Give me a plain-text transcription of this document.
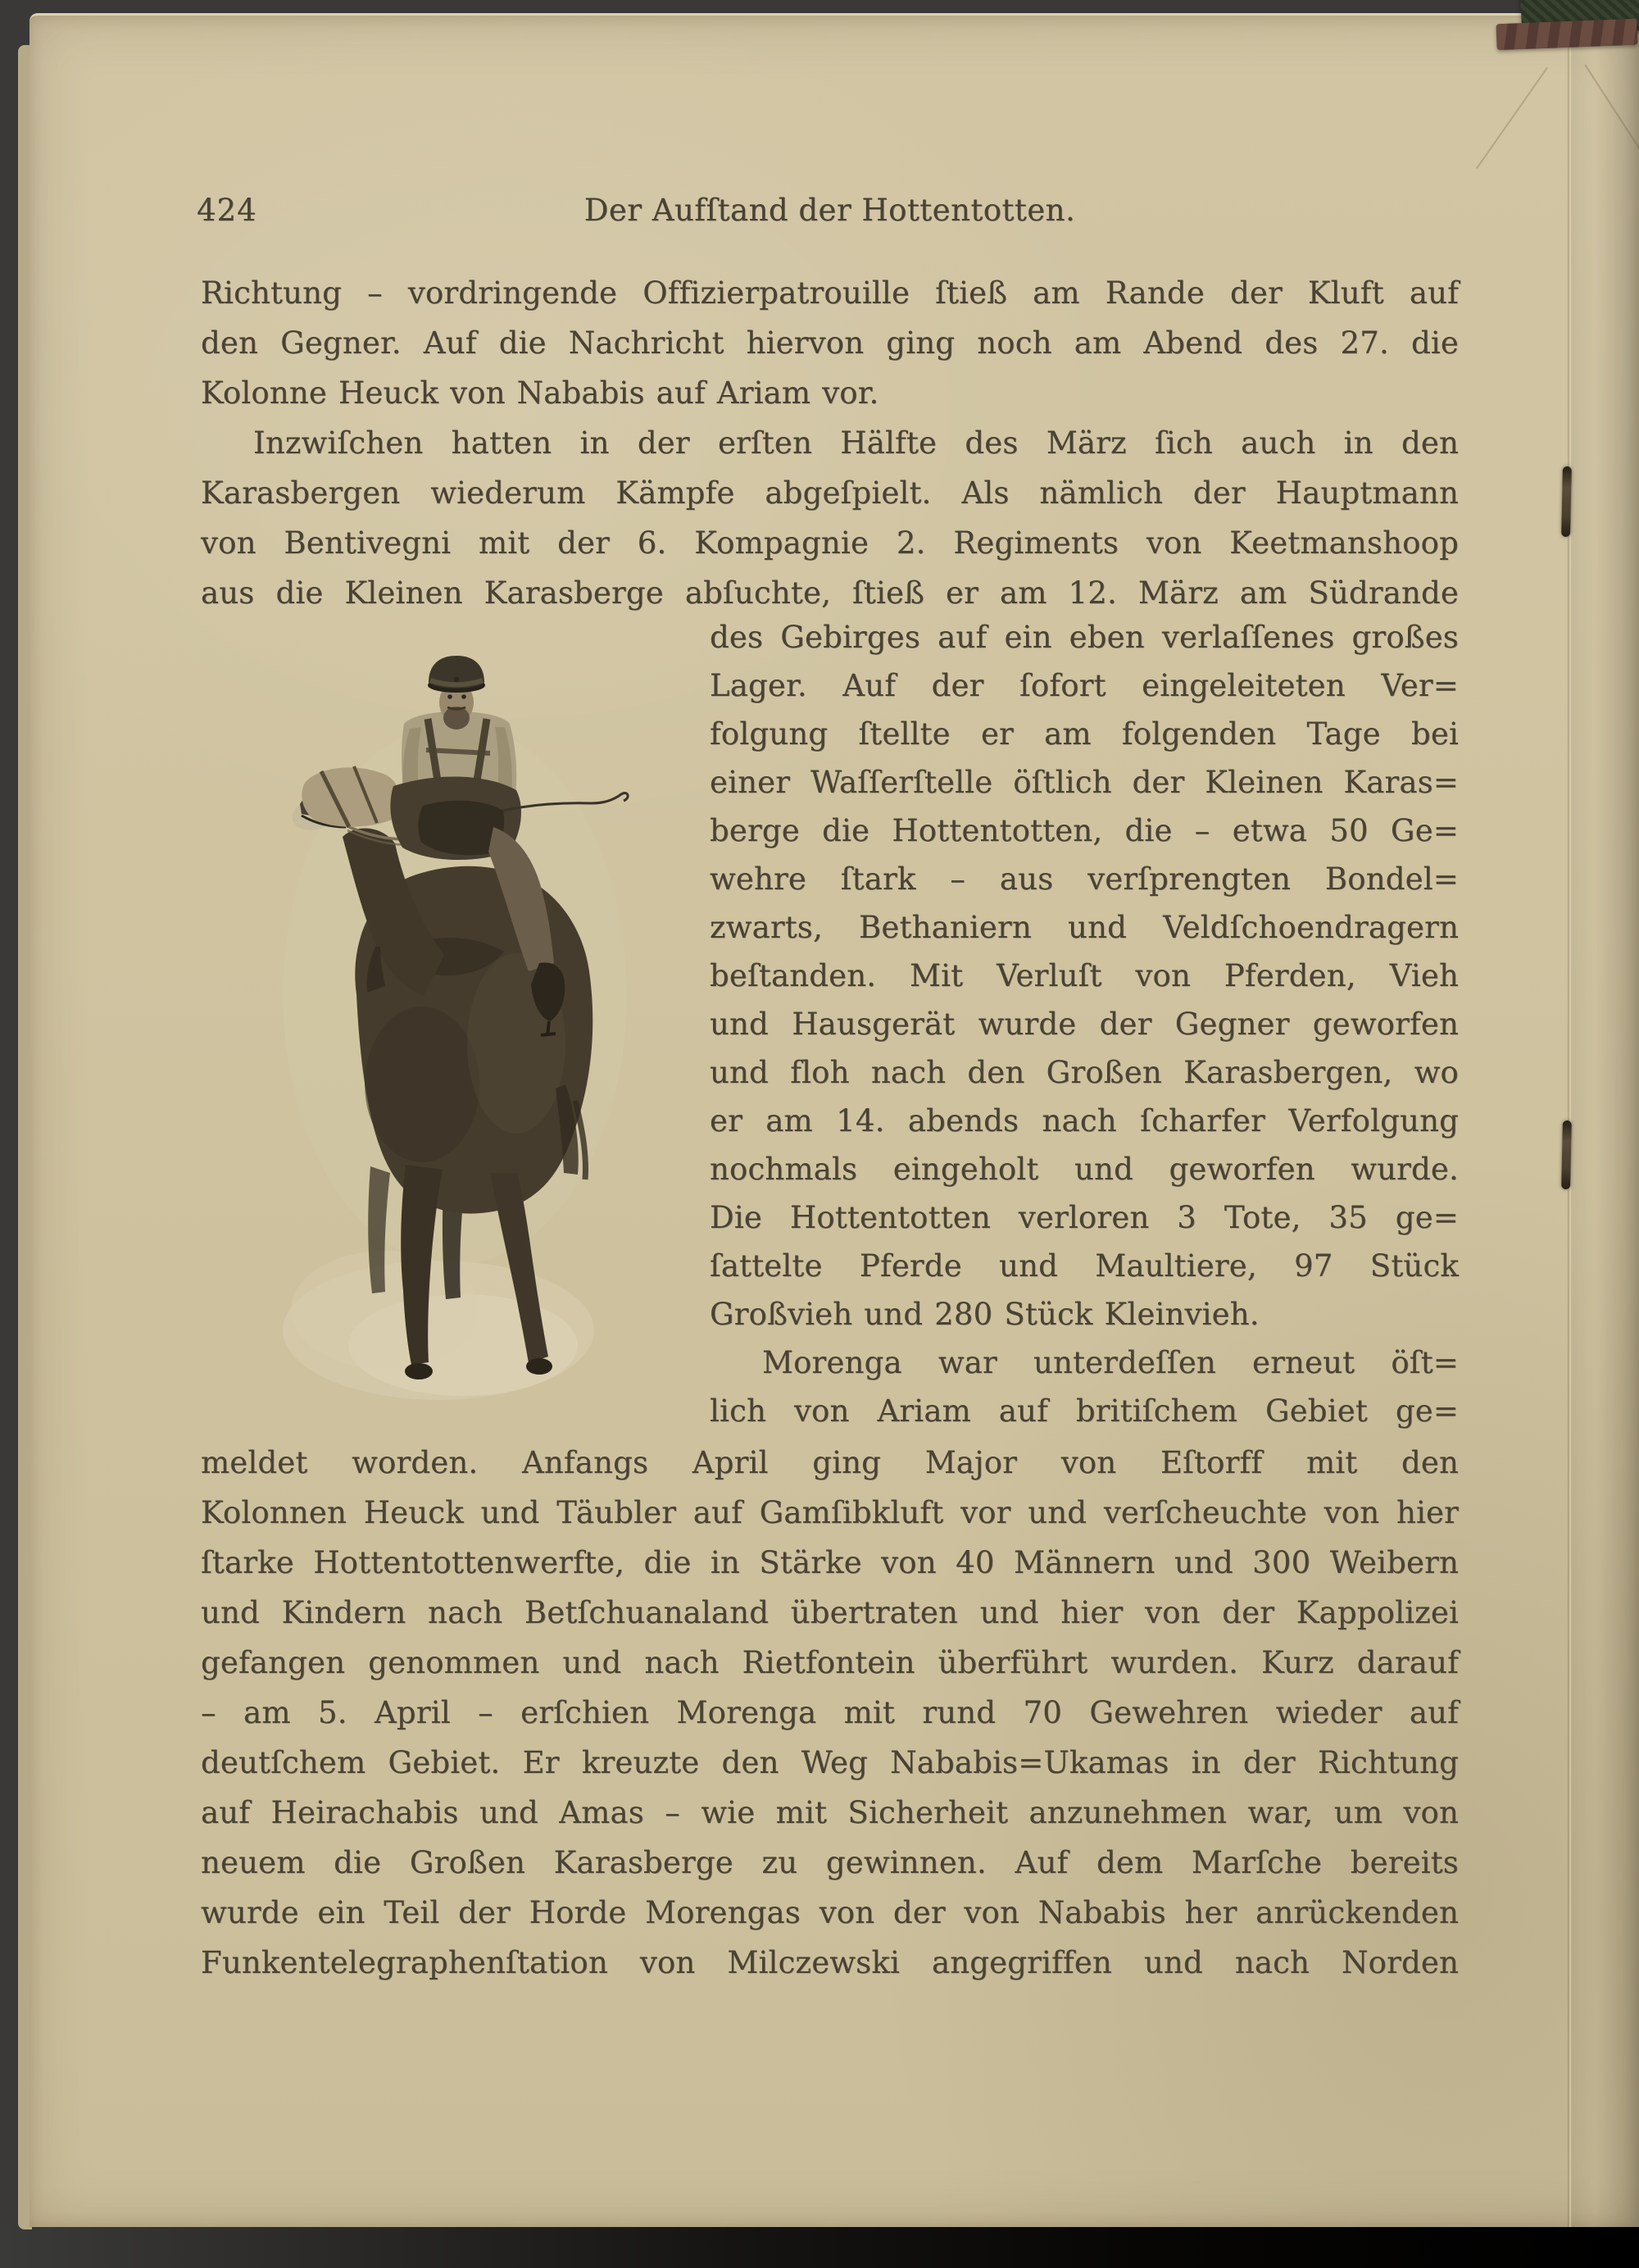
424	Der Aufſtand der Hottentotten.
Richtung – vordringende Offizierpatrouille ſtieß am Rande der Kluft auf
den Gegner. Auf die Nachricht hiervon ging noch am Abend des 27. die
Kolonne Heuck von Nababis auf Ariam vor.
Inzwiſchen hatten in der erſten Hälfte des März ſich auch in den
Karasbergen wiederum Kämpfe abgeſpielt. Als nämlich der Hauptmann
von Bentivegni mit der 6. Kompagnie 2. Regiments von Keetmanshoop
aus die Kleinen Karasberge abſuchte, ſtieß er am 12. März am Südrande
des Gebirges auf ein eben verlaſſenes großes
Lager. Auf der ſofort eingeleiteten Ver=
folgung ſtellte er am folgenden Tage bei
einer Waſſerſtelle öſtlich der Kleinen Karas=
berge die Hottentotten, die – etwa 50 Ge=
wehre ſtark – aus verſprengten Bondel=
zwarts, Bethaniern und Veldſchoendragern
beſtanden. Mit Verluſt von Pferden, Vieh
und Hausgerät wurde der Gegner geworfen
und floh nach den Großen Karasbergen, wo
er am 14. abends nach ſcharfer Verfolgung
nochmals eingeholt und geworfen wurde.
Die Hottentotten verloren 3 Tote, 35 ge=
ſattelte Pferde und Maultiere, 97 Stück
Großvieh und 280 Stück Kleinvieh.
Morenga war unterdeſſen erneut öſt=
lich von Ariam auf britiſchem Gebiet ge=
meldet worden. Anfangs April ging Major von Eſtorff mit den
Kolonnen Heuck und Täubler auf Gamſibkluft vor und verſcheuchte von hier
ſtarke Hottentottenwerfte, die in Stärke von 40 Männern und 300 Weibern
und Kindern nach Betſchuanaland übertraten und hier von der Kappolizei
gefangen genommen und nach Rietfontein überführt wurden. Kurz darauf
– am 5. April – erſchien Morenga mit rund 70 Gewehren wieder auf
deutſchem Gebiet. Er kreuzte den Weg Nababis=Ukamas in der Richtung
auf Heirachabis und Amas – wie mit Sicherheit anzunehmen war, um von
neuem die Großen Karasberge zu gewinnen. Auf dem Marſche bereits
wurde ein Teil der Horde Morengas von der von Nababis her anrückenden
Funkentelegraphenſtation von Milczewski angegriffen und nach Norden
